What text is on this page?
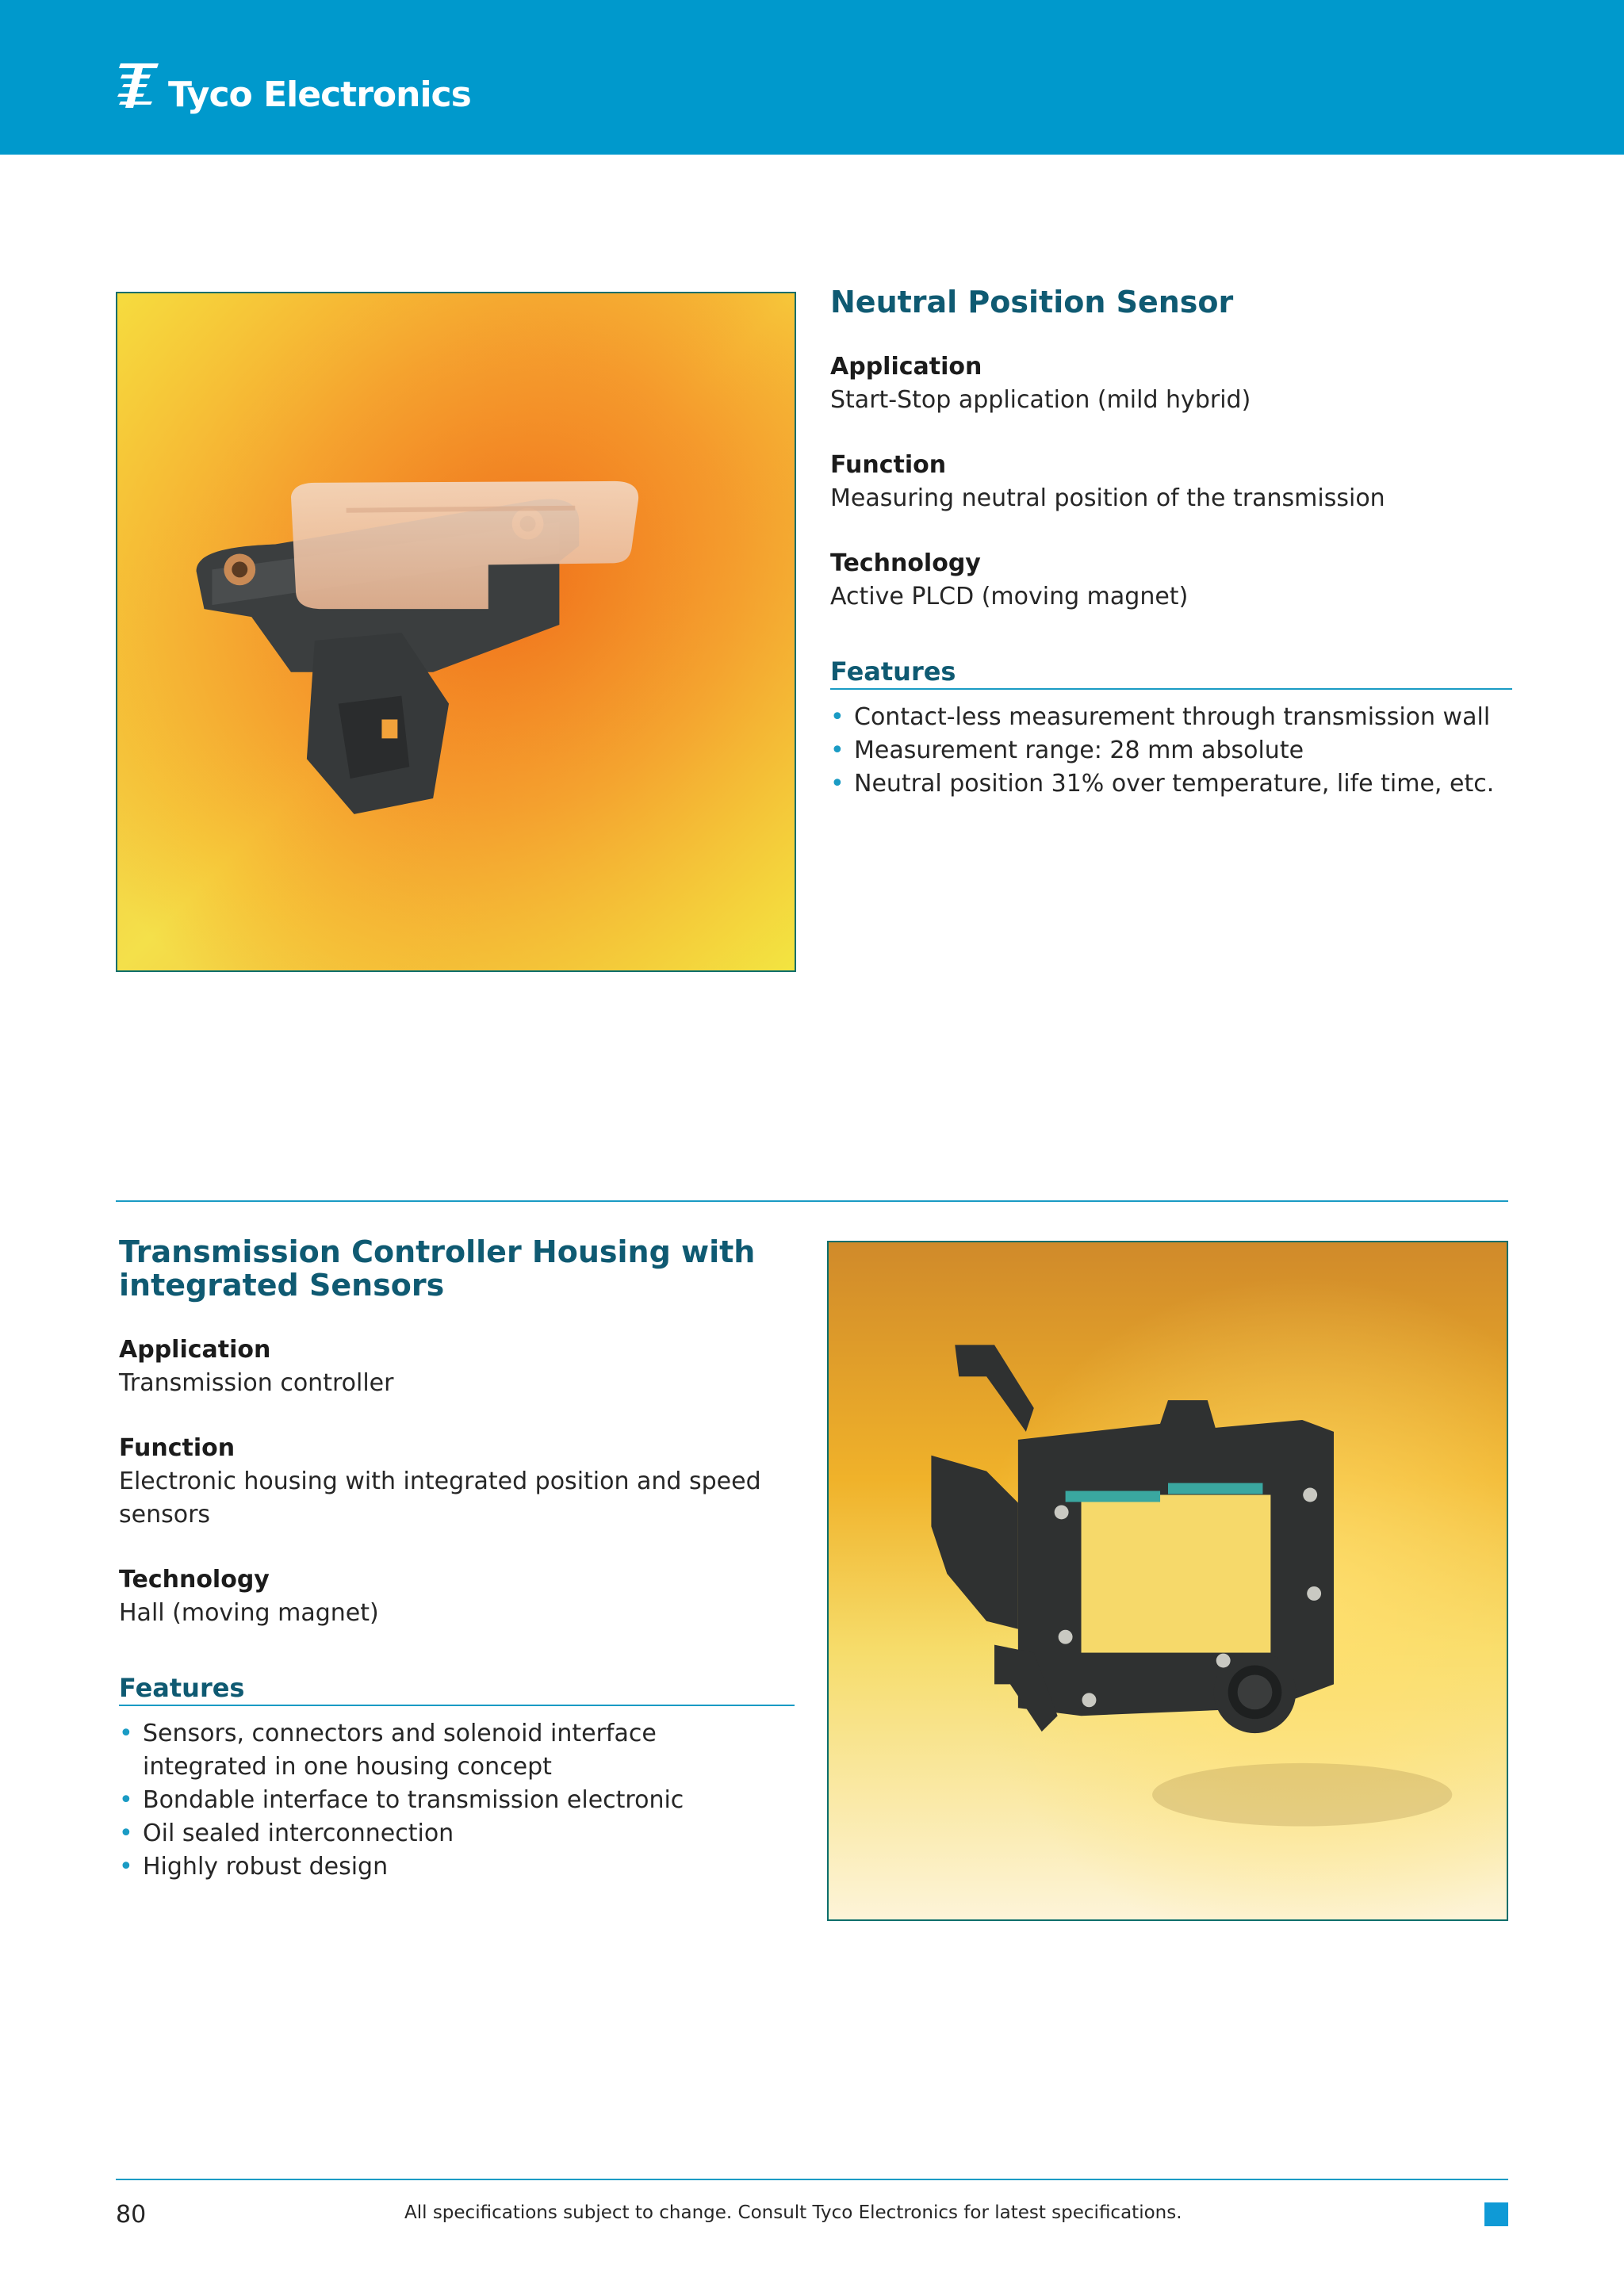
Tyco Electronics
Neutral Position Sensor
Application
Start-Stop application (mild hybrid)
Function
Measuring neutral position of the transmission
Technology
Active PLCD (moving magnet)
Features
• Contact-less measurement through transmission wall
• Measurement range: 28 mm absolute
• Neutral position 31% over temperature, life time, etc.
Transmission Controller Housing with
integrated Sensors
Application
Transmission controller
Function
Electronic housing with integrated position and speed
sensors
Technology
Hall (moving magnet)
Features
• Sensors, connectors and solenoid interface
integrated in one housing concept
• Bondable interface to transmission electronic
• Oil sealed interconnection
• Highly robust design
80	All specifications subject to change. Consult Tyco Electronics for latest specifications.
